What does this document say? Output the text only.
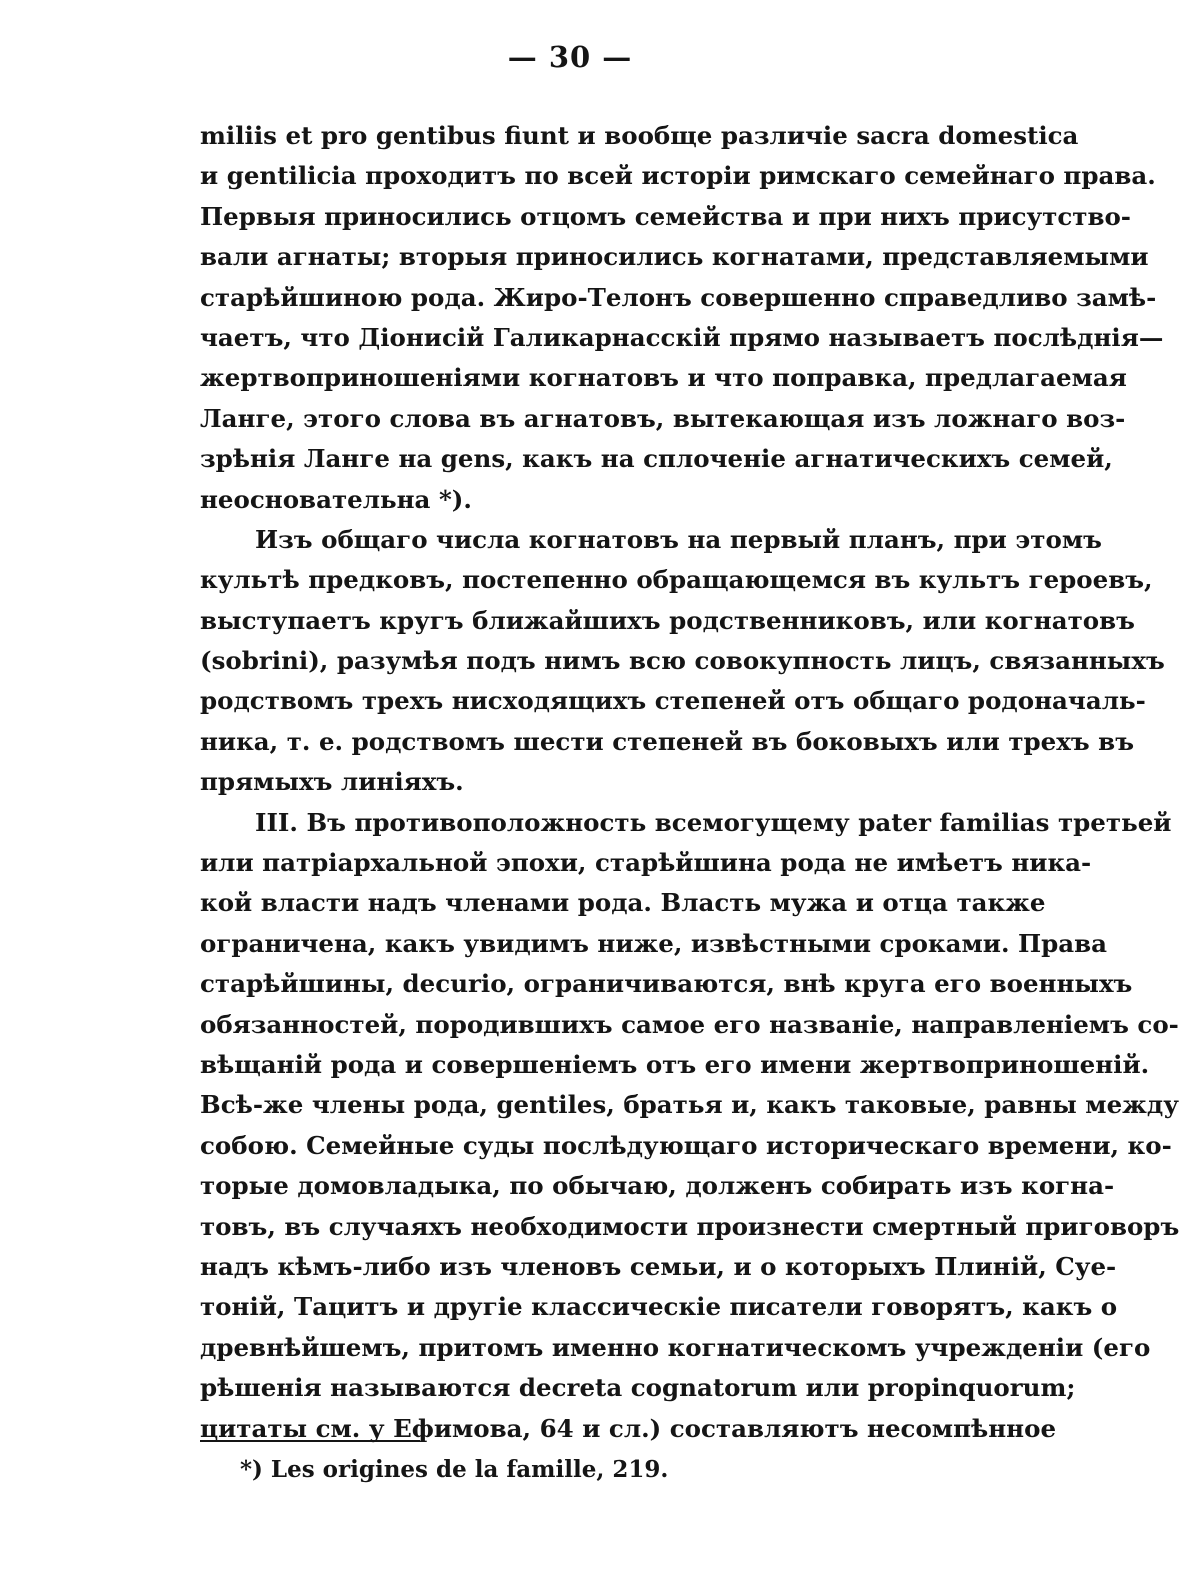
— 30 —
miliis et pro gentibus fiunt и вообще различіе sacra domestica
и gentilicia проходитъ по всей исторіи римскаго семейнаго права.
Первыя приносились отцомъ семейства и при нихъ присутство-
вали агнаты; вторыя приносились когнатами, представляемыми
старѣйшиною рода. Жиро-Телонъ совершенно справедливо замѣ-
чаетъ, что Діонисій Галикарнасскій прямо называетъ послѣднія—
жертвоприношеніями когнатовъ и что поправка, предлагаемая
Ланге, этого слова въ агнатовъ, вытекающая изъ ложнаго воз-
зрѣнія Ланге на gens, какъ на сплоченіе агнатическихъ семей,
неосновательна *).
Изъ общаго числа когнатовъ на первый планъ, при этомъ
культѣ предковъ, постепенно обращающемся въ культъ героевъ,
выступаетъ кругъ ближайшихъ родственниковъ, или когнатовъ
(sobrini), разумѣя подъ нимъ всю совокупность лицъ, связанныхъ
родствомъ трехъ нисходящихъ степеней отъ общаго родоначаль-
ника, т. е. родствомъ шести степеней въ боковыхъ или трехъ въ
прямыхъ линіяхъ.
III. Въ противоположность всемогущему pater familias третьей
или патріархальной эпохи, старѣйшина рода не имѣетъ ника-
кой власти надъ членами рода. Власть мужа и отца также
ограничена, какъ увидимъ ниже, извѣстными сроками. Права
старѣйшины, decurio, ограничиваются, внѣ круга его военныхъ
обязанностей, породившихъ самое его названіе, направленіемъ со-
вѣщаній рода и совершеніемъ отъ его имени жертвоприношеній.
Всѣ-же члены рода, gentiles, братья и, какъ таковые, равны между
собою. Семейные суды послѣдующаго историческаго времени, ко-
торые домовладыка, по обычаю, долженъ собирать изъ когна-
товъ, въ случаяхъ необходимости произнести смертный приговоръ
надъ кѣмъ-либо изъ членовъ семьи, и о которыхъ Плиній, Суе-
тоній, Тацитъ и другіе классическіе писатели говорятъ, какъ о
древнѣйшемъ, притомъ именно когнатическомъ учрежденіи (его
рѣшенія называются decreta cognatorum или propinquorum;
цитаты см. у Ефимова, 64 и сл.) составляютъ несомпѣнное
*) Les origines de la famille, 219.
